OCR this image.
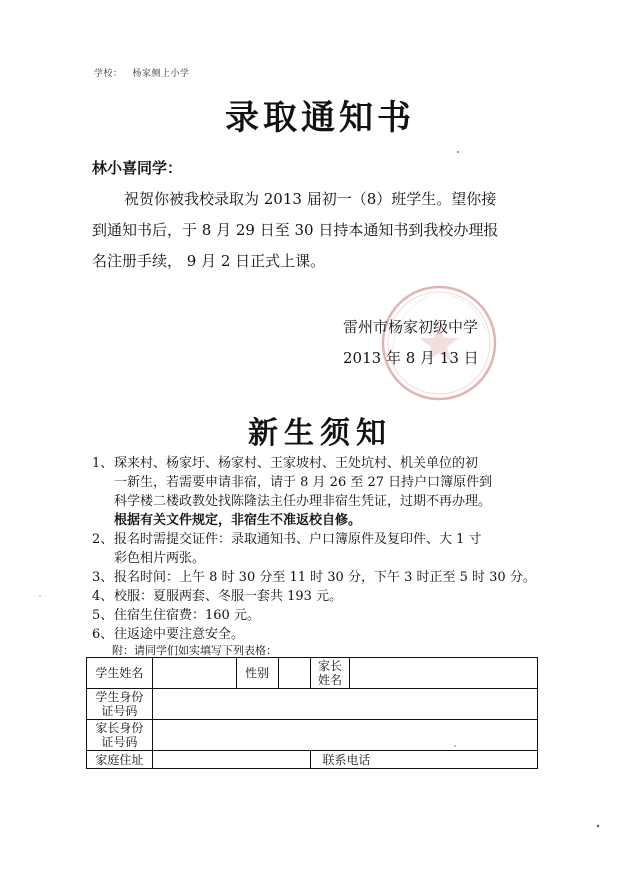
学校： 杨家侧上小学
录取通知书
林小喜同学：

祝贺你被我校录取为 2013 届初一（8）班学生。望你接

到通知书后，于 8 月 29 日至 30 日持本通知书到我校办理报

名注册手续， 9 月 2 日正式上课。

雷州市杨家初级中学
2013 年 8 月 13 日
新生须知
1、 琛来村、杨家圩、杨家村、王家坡村、王处坑村、机关单位的初
一新生，若需要申请非宿，请于 8 月 26 至 27 日持户口簿原件到
科学楼二楼政教处找陈隆法主任办理非宿生凭证，过期不再办理。
根据有关文件规定，非宿生不准返校自修。
2、 报名时需提交证件：录取通知书、户口簿原件及复印件、大 1 寸
彩色相片两张。
3、 报名时间：上午 8 时 30 分至 11 时 30 分，下午 3 时正至 5 时 30 分。
4、 校服：夏服两套、冬服一套共 193 元。
5、 住宿生住宿费：160 元。
6、 往返途中要注意安全。
附：请同学们如实填写下列表格：
学生姓名		性别		家长姓名	
学生身份证号码					
家长身份证号码					
家庭住址				联系电话	
